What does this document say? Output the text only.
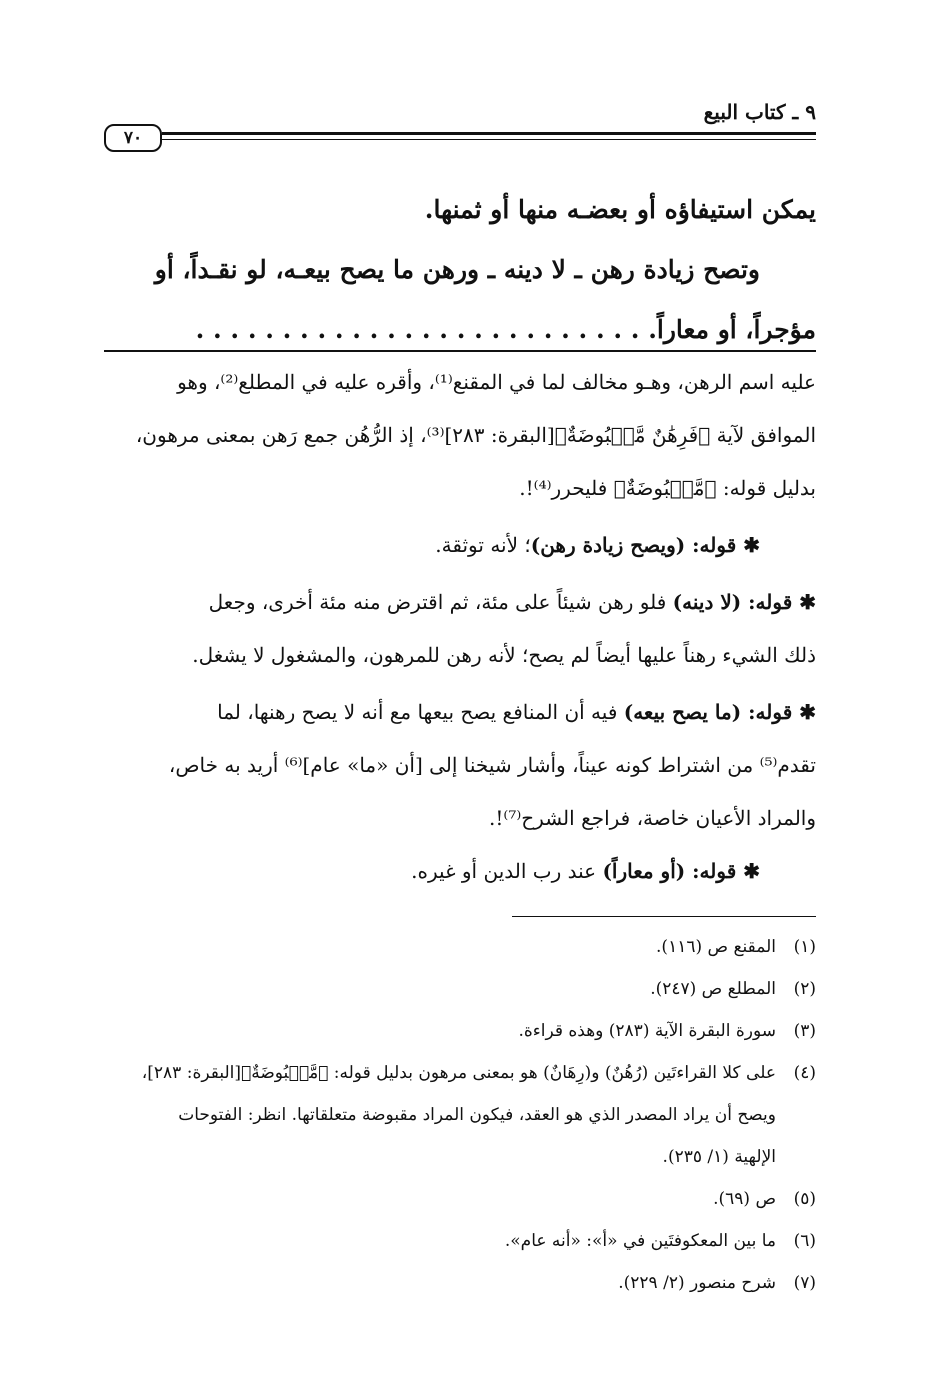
٩ ـ كتاب البيع
٧٠

يمكن استيفاؤه أو بعضـه منها أو ثمنها.

وتصح زيادة رهن ـ لا دينه ـ ورهن ما يصح بيعـه، لو نقـداً، أو

مؤجراً، أو معاراً. . . . . . . . . . . . . . . . . . . . . . . . . . .

عليه اسم الرهن، وهـو مخالف لما في المقنع⁽¹⁾، وأقره عليه في المطلع⁽²⁾، وهو

الموافق لآية ﴿فَرِهَٰنٌ مَّقۡبُوضَةٌ﴾[البقرة: ٢٨٣]⁽³⁾، إذ الرُّهُن جمع رَهن بمعنى مرهون،

بدليل قوله: ﴿مَّقۡبُوضَةٌ﴾ فليحرر⁽⁴⁾!.

✱ قوله: (ويصح زيادة رهن)؛ لأنه توثقة.

✱ قوله: (لا دينه) فلو رهن شيئاً على مئة، ثم اقترض منه مئة أخرى، وجعل

ذلك الشيء رهناً عليها أيضاً لم يصح؛ لأنه رهن للمرهون، والمشغول لا يشغل.

✱ قوله: (ما يصح بيعه) فيه أن المنافع يصح بيعها مع أنه لا يصح رهنها، لما

تقدم⁽⁵⁾ من اشتراط كونه عيناً، وأشار شيخنا إلى [أن «ما» عام]⁽⁶⁾ أريد به خاص،

والمراد الأعيان خاصة، فراجع الشرح⁽⁷⁾!.

✱ قوله: (أو معاراً) عند رب الدين أو غيره.

(١)
المقنع ص (١١٦).
(٢)
المطلع ص (٢٤٧).
(٣)
سورة البقرة الآية (٢٨٣) وهذه قراءة.
(٤)
على كلا القراءتَين (رُهُنٌ) و(رِهَانٌ) هو بمعنى مرهون بدليل قوله: ﴿مَّقۡبُوضَةٌ﴾[البقرة: ٢٨٣]،
ويصح أن يراد المصدر الذي هو العقد، فيكون المراد مقبوضة متعلقاتها. انظر: الفتوحات
الإلهية (١/ ٢٣٥).
(٥)
ص (٦٩).
(٦)
ما بين المعكوفتَين في «أ»: «أنه عام».
(٧)
شرح منصور (٢/ ٢٢٩).
